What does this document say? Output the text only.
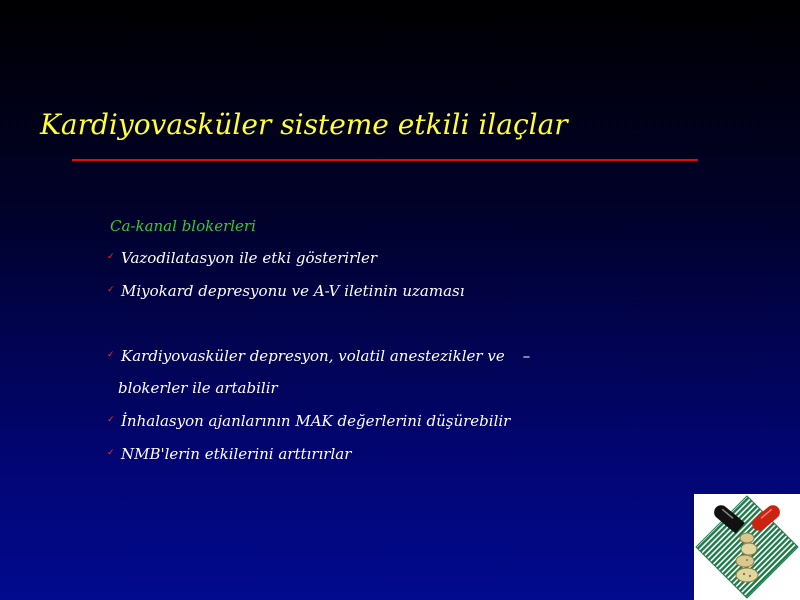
Kardiyovasküler sisteme etkili ilaçlar
Ca-kanal blokerleri
✓ Vazodilatasyon ile etki gösterirler
✓ Miyokard depresyonu ve A-V iletinin uzaması
✓ Kardiyovasküler depresyon, volatil anestezikler ve –
blokerler ile artabilir
✓ İnhalasyon ajanlarının MAK değerlerini düşürebilir
✓ NMB'lerin etkilerini arttırırlar
